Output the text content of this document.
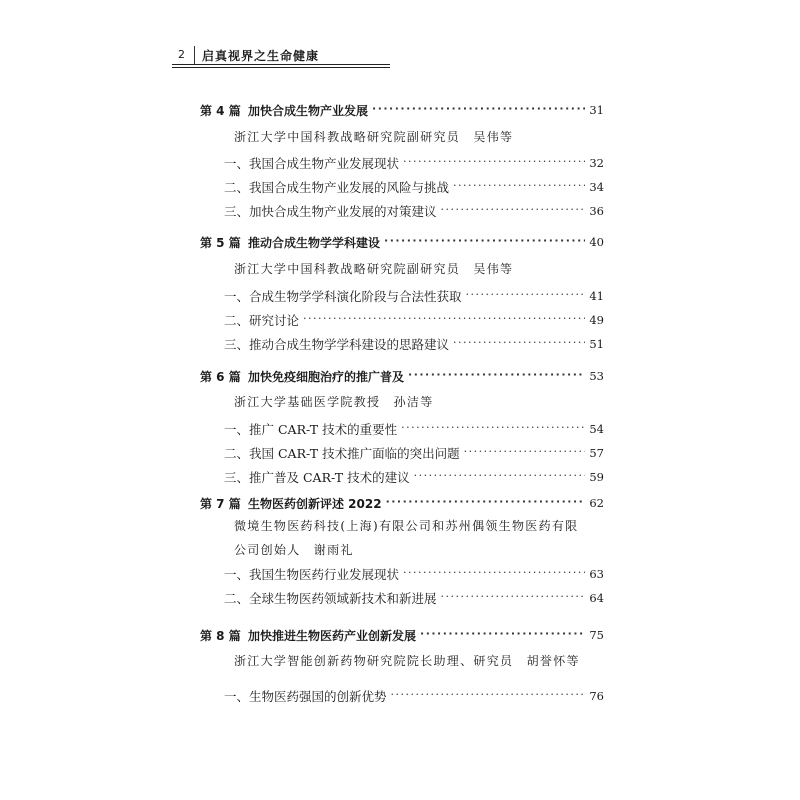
2 启真视界之生命健康
第 4 篇 加快合成生物产业发展 ·····	31
浙江大学中国科教战略研究院副研究员　吴伟等
一、我国合成生物产业发展现状 ·····	32
二、我国合成生物产业发展的风险与挑战 ·····	34
三、加快合成生物产业发展的对策建议 ·····	36
第 5 篇 推动合成生物学学科建设 ·····	40
浙江大学中国科教战略研究院副研究员　吴伟等
一、合成生物学学科演化阶段与合法性获取 ·····	41
二、研究讨论 ·····	49
三、推动合成生物学学科建设的思路建议 ·····	51
第 6 篇 加快免疫细胞治疗的推广普及 ·····	53
浙江大学基础医学院教授　孙洁等
一、推广 CAR-T 技术的重要性 ·····	54
二、我国 CAR-T 技术推广面临的突出问题 ·····	57
三、推广普及 CAR-T 技术的建议 ·····	59
第 7 篇 生物医药创新评述 2022 ·····	62
微境生物医药科技(上海)有限公司和苏州偶领生物医药有限
公司创始人　谢雨礼
一、我国生物医药行业发展现状 ·····	63
二、全球生物医药领域新技术和新进展 ·····	64
第 8 篇 加快推进生物医药产业创新发展 ·····	75
浙江大学智能创新药物研究院院长助理、研究员　胡誉怀等
一、生物医药强国的创新优势 ·····	76
